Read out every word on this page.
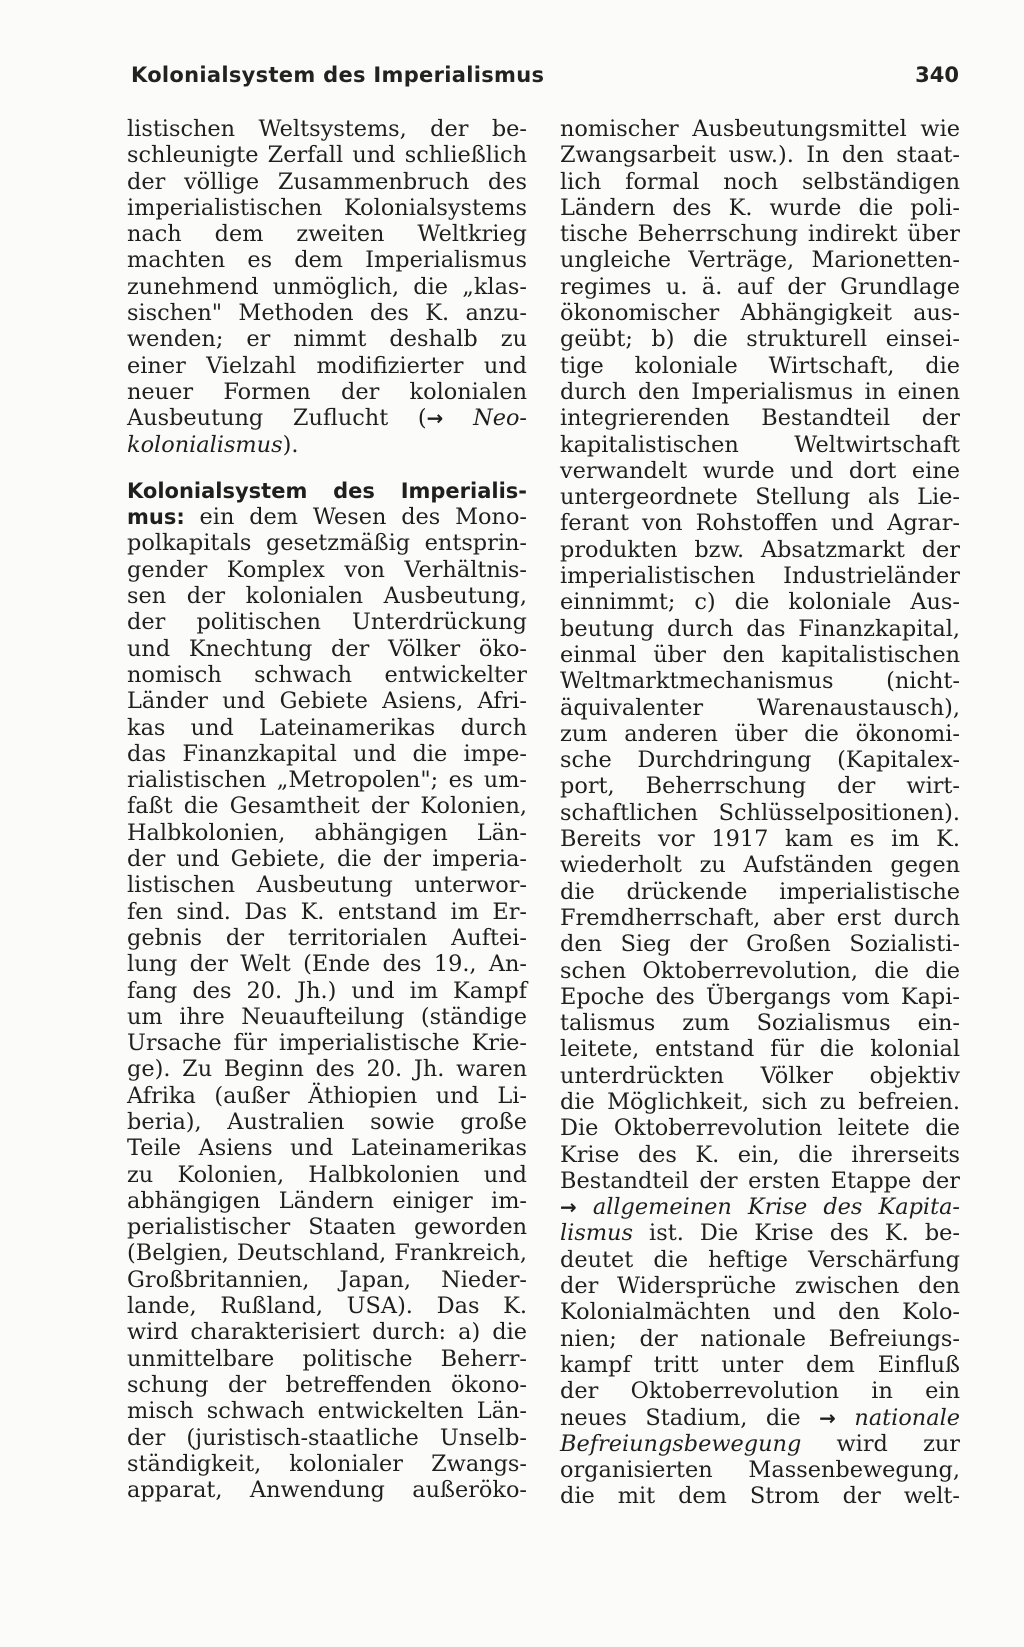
Kolonialsystem des Imperialismus	340
listischen Weltsystems, der be-
schleunigte Zerfall und schließlich
der völlige Zusammenbruch des
imperialistischen Kolonialsystems
nach dem zweiten Weltkrieg
machten es dem Imperialismus
zunehmend unmöglich, die „klas-
sischen" Methoden des K. anzu-
wenden; er nimmt deshalb zu
einer Vielzahl modifizierter und
neuer Formen der kolonialen
Ausbeutung Zuflucht (→ Neo-
kolonialismus).
Kolonialsystem des Imperialis-
mus: ein dem Wesen des Mono-
polkapitals gesetzmäßig entsprin-
gender Komplex von Verhältnis-
sen der kolonialen Ausbeutung,
der politischen Unterdrückung
und Knechtung der Völker öko-
nomisch schwach entwickelter
Länder und Gebiete Asiens, Afri-
kas und Lateinamerikas durch
das Finanzkapital und die impe-
rialistischen „Metropolen"; es um-
faßt die Gesamtheit der Kolonien,
Halbkolonien, abhängigen Län-
der und Gebiete, die der imperia-
listischen Ausbeutung unterwor-
fen sind. Das K. entstand im Er-
gebnis der territorialen Auftei-
lung der Welt (Ende des 19., An-
fang des 20. Jh.) und im Kampf
um ihre Neuaufteilung (ständige
Ursache für imperialistische Krie-
ge). Zu Beginn des 20. Jh. waren
Afrika (außer Äthiopien und Li-
beria), Australien sowie große
Teile Asiens und Lateinamerikas
zu Kolonien, Halbkolonien und
abhängigen Ländern einiger im-
perialistischer Staaten geworden
(Belgien, Deutschland, Frankreich,
Großbritannien, Japan, Nieder-
lande, Rußland, USA). Das K.
wird charakterisiert durch: a) die
unmittelbare politische Beherr-
schung der betreffenden ökono-
misch schwach entwickelten Län-
der (juristisch-staatliche Unselb-
ständigkeit, kolonialer Zwangs-
apparat, Anwendung außeröko-
nomischer Ausbeutungsmittel wie
Zwangsarbeit usw.). In den staat-
lich formal noch selbständigen
Ländern des K. wurde die poli-
tische Beherrschung indirekt über
ungleiche Verträge, Marionetten-
regimes u. ä. auf der Grundlage
ökonomischer Abhängigkeit aus-
geübt; b) die strukturell einsei-
tige koloniale Wirtschaft, die
durch den Imperialismus in einen
integrierenden Bestandteil der
kapitalistischen Weltwirtschaft
verwandelt wurde und dort eine
untergeordnete Stellung als Lie-
ferant von Rohstoffen und Agrar-
produkten bzw. Absatzmarkt der
imperialistischen Industrieländer
einnimmt; c) die koloniale Aus-
beutung durch das Finanzkapital,
einmal über den kapitalistischen
Weltmarktmechanismus (nicht-
äquivalenter Warenaustausch),
zum anderen über die ökonomi-
sche Durchdringung (Kapitalex-
port, Beherrschung der wirt-
schaftlichen Schlüsselpositionen).
Bereits vor 1917 kam es im K.
wiederholt zu Aufständen gegen
die drückende imperialistische
Fremdherrschaft, aber erst durch
den Sieg der Großen Sozialisti-
schen Oktoberrevolution, die die
Epoche des Übergangs vom Kapi-
talismus zum Sozialismus ein-
leitete, entstand für die kolonial
unterdrückten Völker objektiv
die Möglichkeit, sich zu befreien.
Die Oktoberrevolution leitete die
Krise des K. ein, die ihrerseits
Bestandteil der ersten Etappe der
→ allgemeinen Krise des Kapita-
lismus ist. Die Krise des K. be-
deutet die heftige Verschärfung
der Widersprüche zwischen den
Kolonialmächten und den Kolo-
nien; der nationale Befreiungs-
kampf tritt unter dem Einfluß
der Oktoberrevolution in ein
neues Stadium, die → nationale
Befreiungsbewegung wird zur
organisierten Massenbewegung,
die mit dem Strom der welt-
